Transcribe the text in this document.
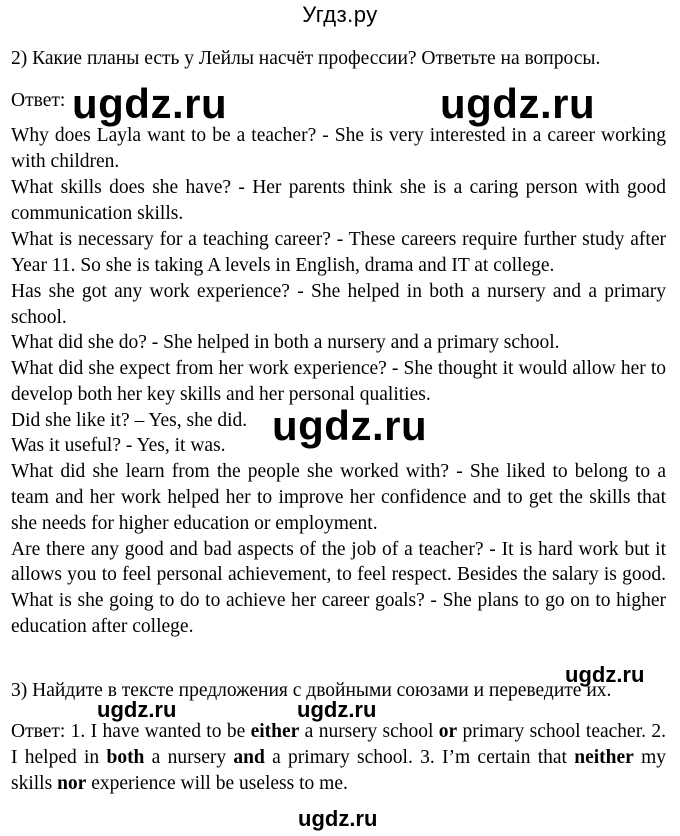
Угдз.ру
2) Какие планы есть у Лейлы насчёт профессии? Ответьте на вопросы.
Ответ:
Why does Layla want to be a teacher? - She is very interested in a career working
with children.
What skills does she have? - Her parents think she is a caring person with good
communication skills.
What is necessary for a teaching career? - These careers require further study after
Year 11. So she is taking A levels in English, drama and IT at college.
Has she got any work experience? - She helped in both a nursery and a primary
school.
What did she do? - She helped in both a nursery and a primary school.
What did she expect from her work experience? - She thought it would allow her to
develop both her key skills and her personal qualities.
Did she like it? – Yes, she did.
Was it useful? - Yes, it was.
What did she learn from the people she worked with? - She liked to belong to a
team and her work helped her to improve her confidence and to get the skills that
she needs for higher education or employment.
Are there any good and bad aspects of the job of a teacher? - It is hard work but it
allows you to feel personal achievement, to feel respect. Besides the salary is good.
What is she going to do to achieve her career goals? - She plans to go on to higher
education after college.
3) Найдите в тексте предложения с двойными союзами и переведите их.
Ответ: 1. I have wanted to be either a nursery school or primary school teacher. 2.
I helped in both a nursery and a primary school. 3. I’m certain that neither my
skills nor experience will be useless to me.
ugdz.ru	ugdz.ru
ugdz.ru
ugdz.ru
ugdz.ru	ugdz.ru
ugdz.ru
